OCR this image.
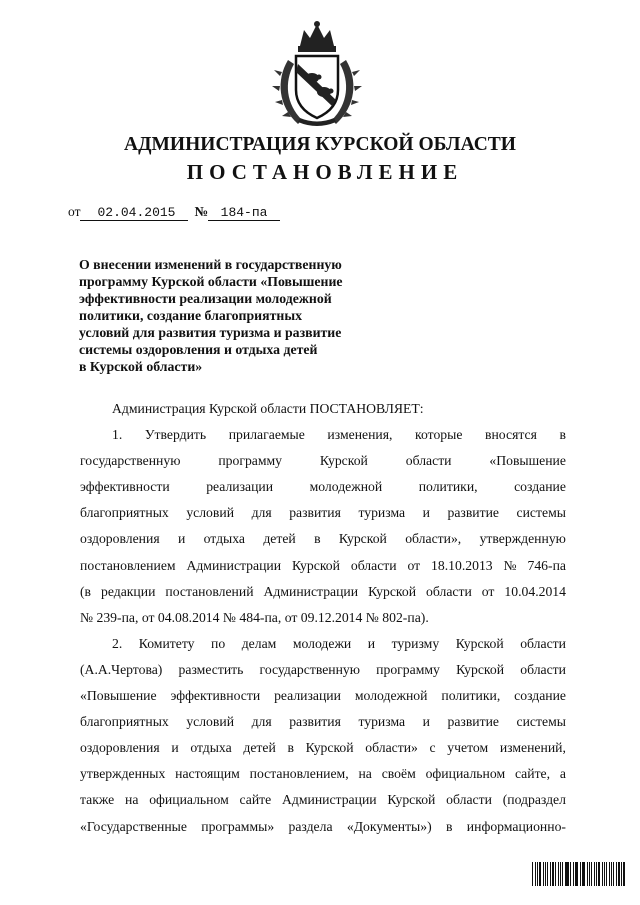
АДМИНИСТРАЦИЯ КУРСКОЙ ОБЛАСТИ
ПОСТАНОВЛЕНИЕ
от 02.04.2015 № 184-па
О внесении изменений в государственную
программу Курской области «Повышение
эффективности реализации молодежной
политики, создание благоприятных
условий для развития туризма и развитие
системы оздоровления и отдыха детей
в Курской области»
Администрация Курской области ПОСТАНОВЛЯЕТ:
1. Утвердить прилагаемые изменения, которые вносятся в
государственную	программу	Курской	области	«Повышение
эффективности	реализации	молодежной	политики,	создание
благоприятных условий для развития туризма и развитие системы
оздоровления и отдыха детей в Курской области», утвержденную
постановлением Администрации Курской области от 18.10.2013 № 746-па
(в редакции постановлений Администрации Курской области от 10.04.2014
№ 239-па, от 04.08.2014 № 484-па, от 09.12.2014 № 802-па).
2. Комитету по делам молодежи и туризму Курской области
(А.А.Чертова) разместить государственную программу Курской области
«Повышение эффективности реализации молодежной политики, создание
благоприятных условий для развития туризма и развитие системы
оздоровления и отдыха детей в Курской области» с учетом изменений,
утвержденных настоящим постановлением, на своём официальном сайте, а
также на официальном сайте Администрации Курской области (подраздел
«Государственные программы» раздела «Документы») в информационно-
